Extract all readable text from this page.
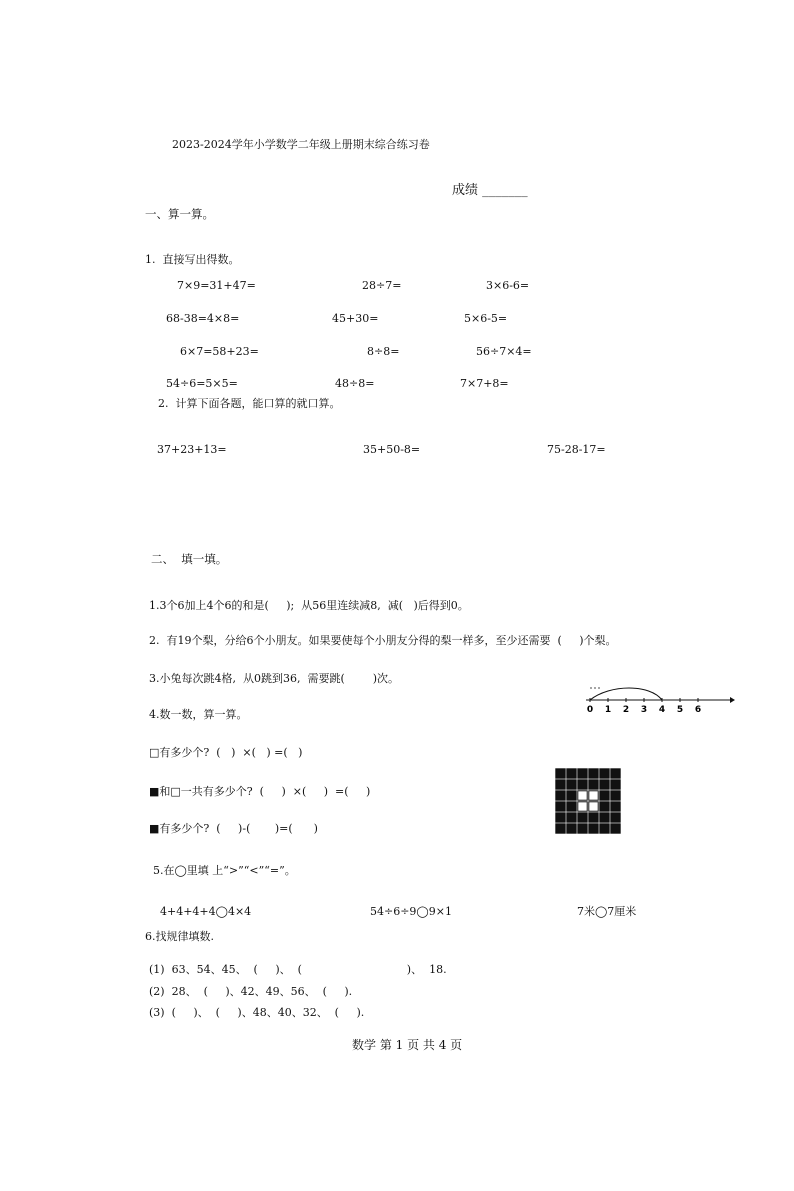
2023-2024学年小学数学二年级上册期末综合练习卷
成绩 _______
一、算一算。
1.  直接写出得数。
7×9=31+47=	28÷7=	3×6-6=
68-38=4×8=	45+30=	5×6-5=
6×7=58+23=	8÷8=	56÷7×4=
54÷6=5×5=	48÷8=	7×7+8=
2.  计算下面各题，能口算的就口算。
37+23+13=	35+50-8=	75-28-17=
二、  填一填。
1.3个6加上4个6的和是(     );  从56里连续减8,  减(   )后得到0。
2.  有19个梨，分给6个小朋友。如果要使每个小朋友分得的梨一样多，至少还需要  (     )个梨。
3.小兔每次跳4格,  从0跳到36,  需要跳(        )次。
4.数一数，算一算。
□有多少个?  (   )  ×(   ) =(   )
■和□一共有多少个?  (     )  ×(     )  =(     )
■有多少个?  (     )-(       )=(      )
5.在◯里填 上“>”“<”“=”。
4+4+4+4◯4×4	54÷6÷9◯9×1	7米◯7厘米
6.找规律填数.
(1)  63、54、45、  (     )、  (                              )、  18.
(2)  28、  (     )、42、49、56、  (     ).
(3)  (     )、  (     )、48、40、32、  (     ).
0 1 2 3 4 5 6
数学 第 1 页 共 4 页
